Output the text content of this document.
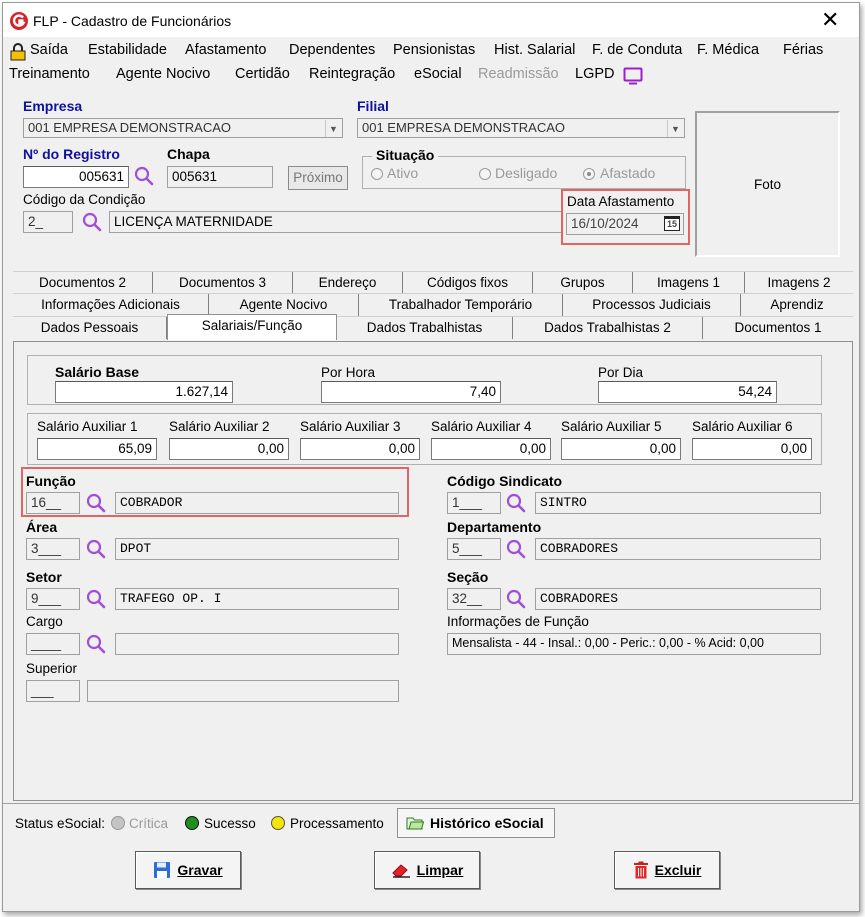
FLP - Cadastro de Funcionários	✕
Saída Estabilidade Afastamento Dependentes Pensionistas Hist. Salarial F. de Conduta F. Médica Férias
Treinamento Agente Nocivo Certidão Reintegração eSocial Readmissão LGPD
Empresa
001 EMPRESA DEMONSTRACAO	▼
Filial
001 EMPRESA DEMONSTRACAO	▼
Foto
Nº do Registro
005631
Chapa
005631	Próximo
Situação
Ativo	Desligado	Afastado
Código da Condição
2_	LICENÇA MATERNIDADE
Data Afastamento
16/10/2024	15
Documentos 2	Documentos 3	Endereço	Códigos fixos	Grupos	Imagens 1	Imagens 2
Informações Adicionais	Agente Nocivo	Trabalhador Temporário	Processos Judiciais	Aprendiz
Dados Pessoais	Salariais/Função	Dados Trabalhistas	Dados Trabalhistas 2	Documentos 1
Salário Base
1.627,14
Por Hora
7,40
Por Dia
54,24
Salário Auxiliar 1
65,09
Salário Auxiliar 2
0,00
Salário Auxiliar 3
0,00
Salário Auxiliar 4
0,00
Salário Auxiliar 5
0,00
Salário Auxiliar 6
0,00
Função
16__	COBRADOR
Área
3___	DPOT
Setor
9___	TRAFEGO OP. I
Cargo
____
Superior
___
Código Sindicato
1___	SINTRO
Departamento
5___	COBRADORES
Seção
32__	COBRADORES
Informações de Função
Mensalista - 44 - Insal.: 0,00 - Peric.: 0,00 - % Acid: 0,00
Status eSocial: Crítica	Sucesso	Processamento	Histórico eSocial
Gravar	Limpar	Excluir
